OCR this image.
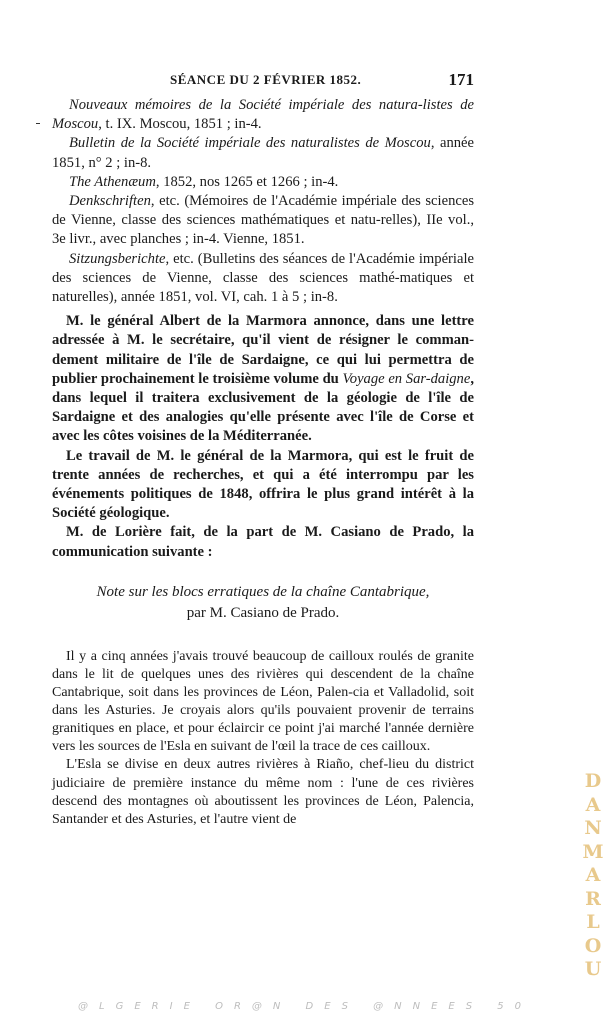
SÉANCE DU 2 FÉVRIER 1852.	171

Nouveaux mémoires de la Société impériale des natura-listes de Moscou, t. IX. Moscou, 1851 ; in-4.

Bulletin de la Société impériale des naturalistes de Moscou, année 1851, n° 2 ; in-8.

The Athenæum, 1852, nos 1265 et 1266 ; in-4.

Denkschriften, etc. (Mémoires de l'Académie impériale des sciences de Vienne, classe des sciences mathématiques et natu-relles), IIe vol., 3e livr., avec planches ; in-4. Vienne, 1851.

Sitzungsberichte, etc. (Bulletins des séances de l'Académie impériale des sciences de Vienne, classe des sciences mathé-matiques et naturelles), année 1851, vol. VI, cah. 1 à 5 ; in-8.

M. le général Albert de la Marmora annonce, dans une lettre adressée à M. le secrétaire, qu'il vient de résigner le comman-dement militaire de l'île de Sardaigne, ce qui lui permettra de publier prochainement le troisième volume du Voyage en Sar-daigne, dans lequel il traitera exclusivement de la géologie de l'île de Sardaigne et des analogies qu'elle présente avec l'île de Corse et avec les côtes voisines de la Méditerranée.

Le travail de M. le général de la Marmora, qui est le fruit de trente années de recherches, et qui a été interrompu par les événements politiques de 1848, offrira le plus grand intérêt à la Société géologique.

M. de Lorière fait, de la part de M. Casiano de Prado, la communication suivante :

Note sur les blocs erratiques de la chaîne Cantabrique,
par M. Casiano de Prado.

Il y a cinq années j'avais trouvé beaucoup de cailloux roulés de granite dans le lit de quelques unes des rivières qui descendent de la chaîne Cantabrique, soit dans les provinces de Léon, Palen-cia et Valladolid, soit dans les Asturies. Je croyais alors qu'ils pouvaient provenir de terrains granitiques en place, et pour éclaircir ce point j'ai marché l'année dernière vers les sources de l'Esla en suivant de l'œil la trace de ces cailloux.

L'Esla se divise en deux autres rivières à Riaño, chef-lieu du district judiciaire de première instance du même nom : l'une de ces rivières descend des montagnes où aboutissent les provinces de Léon, Palencia, Santander et des Asturies, et l'autre vient de

D
A
N
M
A
R
L
O
U
@LGERIE OR@N DES @NNEES 50
